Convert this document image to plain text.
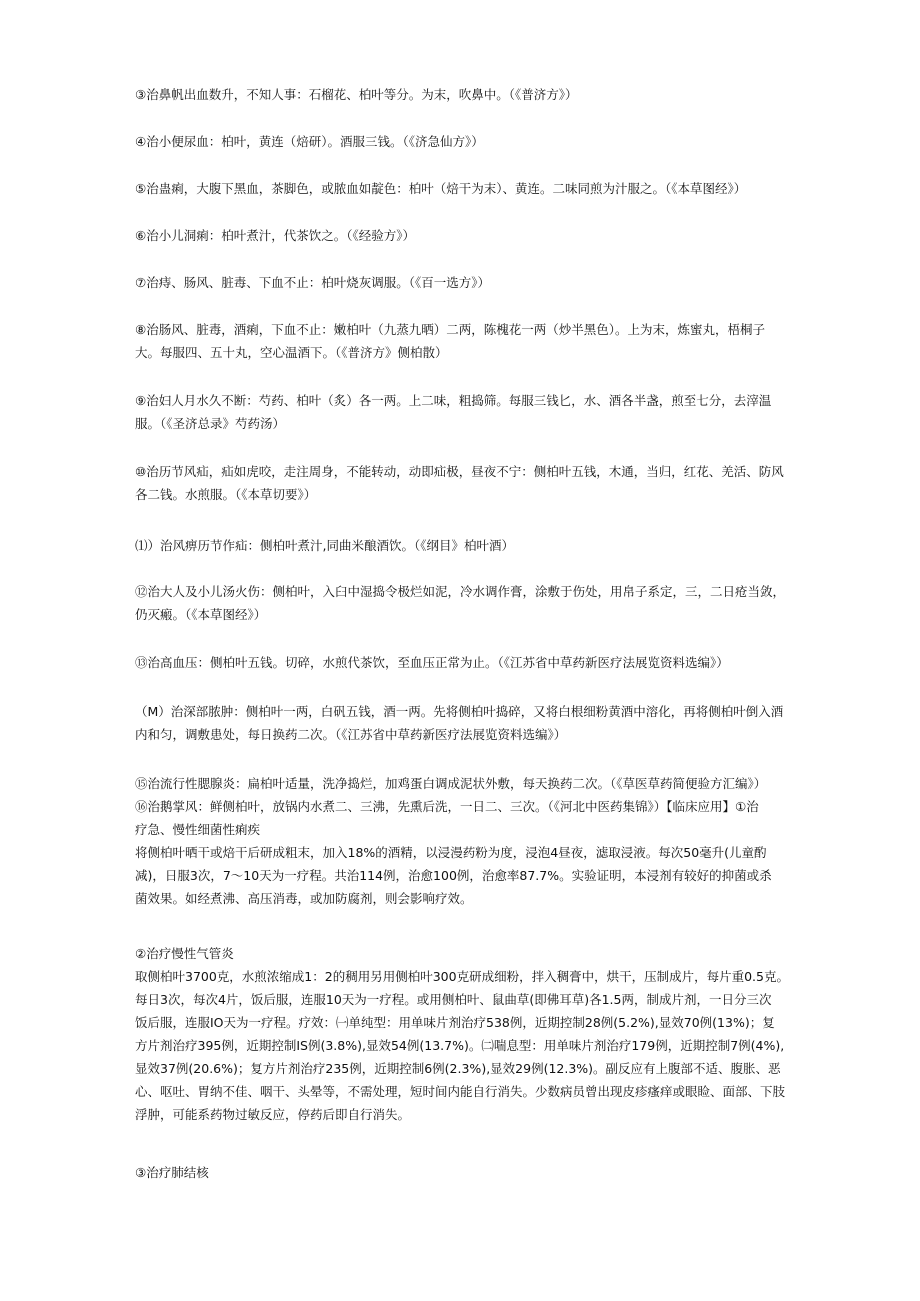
③治鼻帆出血数升，不知人事：石榴花、柏叶等分。为末，吹鼻中。（《普济方》）

④治小便尿血：柏叶，黄连（焙研）。酒服三钱。（《济急仙方》）

⑤治蛊痢，大腹下黑血，茶脚色，或脓血如靛色：柏叶（焙干为末）、黄连。二味同煎为汁服之。（《本草图经》）

⑥治小儿洞痢：柏叶煮汁，代茶饮之。（《经验方》）

⑦治痔、肠风、脏毒、下血不止：柏叶烧灰调服。（《百一选方》）

⑧治肠风、脏毒，酒痢，下血不止：嫩柏叶（九蒸九晒）二两，陈槐花一两（炒半黑色）。上为末，炼蜜丸，梧桐子
大。每服四、五十丸，空心温酒下。（《普济方》侧柏散）

⑨治妇人月水久不断：芍药、柏叶（炙）各一两。上二味，粗捣筛。每服三钱匕，水、酒各半盏，煎至七分，去滓温
服。（《圣济总录》芍药汤）

⑩治历节风疝，疝如虎咬，走注周身，不能转动，动即疝极，昼夜不宁：侧柏叶五钱，木通，当归，红花、羌活、防风
各二钱。水煎服。（《本草切要》）

⑴）治风痹历节作疝：侧柏叶煮汁,同曲米酿酒饮。（《纲目》柏叶酒）

⑫治大人及小儿汤火伤：侧柏叶，入臼中湿捣令极烂如泥，冷水调作膏，涂敷于伤处，用帛子系定，三，二日疮当敛，
仍灭瘢。（《本草图经》）

⑬治高血压：侧柏叶五钱。切碎，水煎代茶饮，至血压正常为止。（《江苏省中草药新医疗法展览资料选编》）

（M）治深部脓肿：侧柏叶一两，白矾五钱，酒一两。先将侧柏叶捣碎，又将白根细粉黄酒中溶化，再将侧柏叶倒入酒
内和匀，调敷患处，每日换药二次。（《江苏省中草药新医疗法展览资料选编》）

⑮治流行性腮腺炎：扁柏叶适量，洗净捣烂，加鸡蛋白调成泥状外敷，每天换药二次。（《草医草药简便验方汇编》）
⑯治鹅掌风：鲜侧柏叶，放锅内水煮二、三沸，先熏后洗，一日二、三次。（《河北中医药集锦》）【临床应用】①治
疗急、慢性细菌性痢疾
将侧柏叶晒干或焙干后研成粗末，加入18%的酒精，以浸漫药粉为度，浸泡4昼夜，滤取浸液。每次50毫升(儿童酌
减)，日服3次，7〜10天为一疗程。共治114例，治愈100例，治愈率87.7%。实验证明，本浸剂有较好的抑菌或杀
菌效果。如经煮沸、高压消毒，或加防腐剂，则会影响疗效。

②治疗慢性气管炎
取侧柏叶3700克，水煎浓缩成1：2的稠用另用侧柏叶300克研成细粉，拌入稠膏中，烘干，压制成片，每片重0.5克。
每日3次，每次4片，饭后服，连服10天为一疗程。或用侧柏叶、鼠曲草(即佛耳草)各1.5两，制成片剂，一日分三次
饭后服，连服IO天为一疗程。疗效：㈠单纯型：用单味片剂治疗538例，近期控制28例(5.2%),显效70例(13%)；复
方片剂治疗395例，近期控制IS例(3.8%),显效54例(13.7%)。㈡喘息型：用单味片剂治疗179例，近期控制7例(4%),
显效37例(20.6%)；复方片剂治疗235例，近期控制6例(2.3%),显效29例(12.3%)。副反应有上腹部不适、腹胀、恶
心、呕吐、胃纳不佳、咽干、头晕等，不需处理，短时间内能自行消失。少数病员曾出现皮疹瘙痒或眼睑、面部、下肢
浮肿，可能系药物过敏反应，停药后即自行消失。

③治疗肺结核
